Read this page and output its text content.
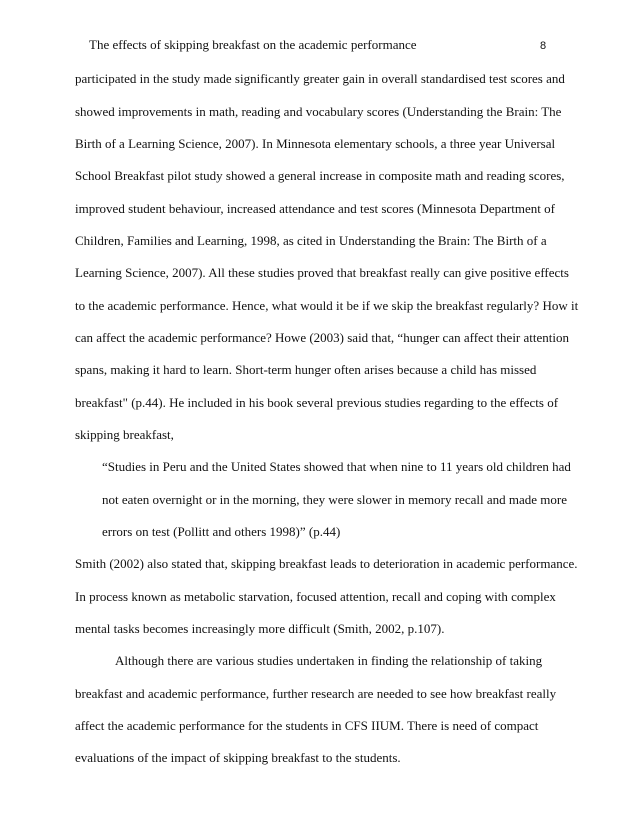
The effects of skipping breakfast on the academic performance	8
participated in the study made significantly greater gain in overall standardised test scores and
showed improvements in math, reading and vocabulary scores (Understanding the Brain: The
Birth of a Learning Science, 2007). In Minnesota elementary schools, a three year Universal
School Breakfast pilot study showed a general increase in composite math and reading scores,
improved student behaviour, increased attendance and test scores (Minnesota Department of
Children, Families and Learning, 1998, as cited in Understanding the Brain: The Birth of a
Learning Science, 2007). All these studies proved that breakfast really can give positive effects
to the academic performance. Hence, what would it be if we skip the breakfast regularly? How it
can affect the academic performance? Howe (2003) said that, “hunger can affect their attention
spans, making it hard to learn. Short-term hunger often arises because a child has missed
breakfast" (p.44). He included in his book several previous studies regarding to the effects of
skipping breakfast,
“Studies in Peru and the United States showed that when nine to 11 years old children had
not eaten overnight or in the morning, they were slower in memory recall and made more
errors on test (Pollitt and others 1998)” (p.44)
Smith (2002) also stated that, skipping breakfast leads to deterioration in academic performance.
In process known as metabolic starvation, focused attention, recall and coping with complex
mental tasks becomes increasingly more difficult (Smith, 2002, p.107).
Although there are various studies undertaken in finding the relationship of taking
breakfast and academic performance, further research are needed to see how breakfast really
affect the academic performance for the students in CFS IIUM. There is need of compact
evaluations of the impact of skipping breakfast to the students.
